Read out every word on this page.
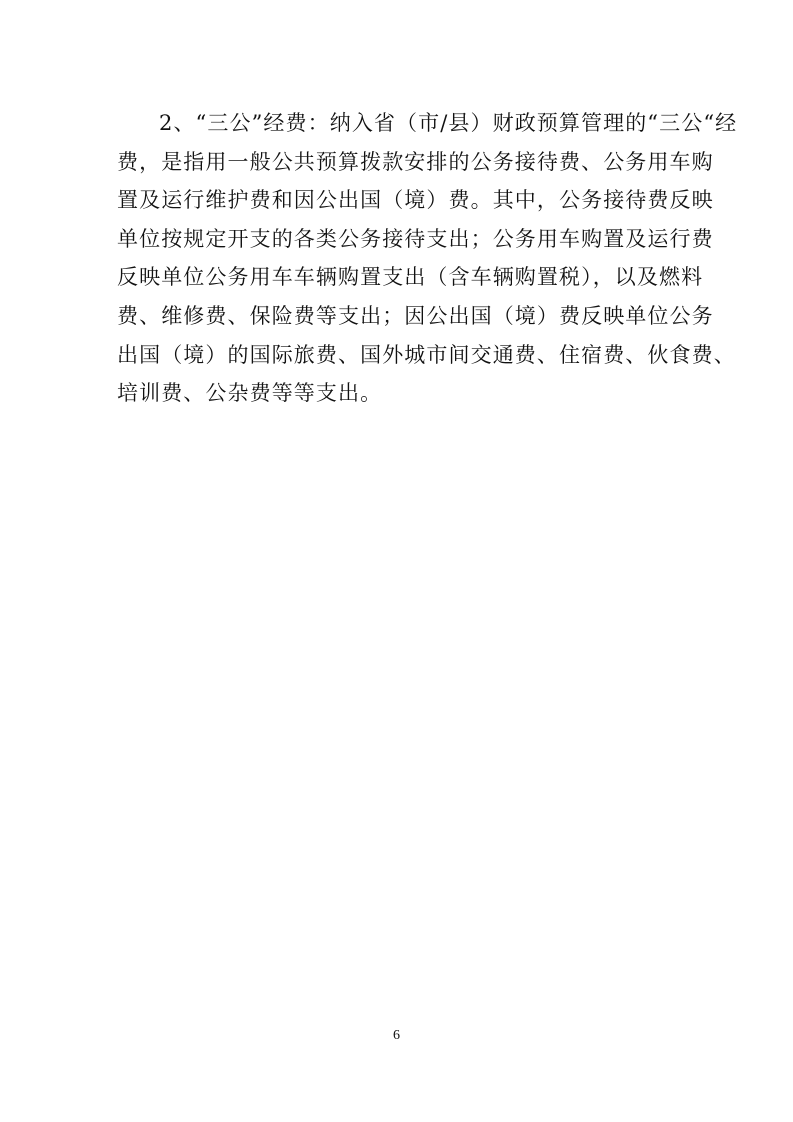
2、“三公”经费：纳入省（市/县）财政预算管理的“三公“经
费，是指用一般公共预算拨款安排的公务接待费、公务用车购
置及运行维护费和因公出国（境）费。其中，公务接待费反映
单位按规定开支的各类公务接待支出；公务用车购置及运行费
反映单位公务用车车辆购置支出（含车辆购置税），以及燃料
费、维修费、保险费等支出；因公出国（境）费反映单位公务
出国（境）的国际旅费、国外城市间交通费、住宿费、伙食费、
培训费、公杂费等等支出。
6
